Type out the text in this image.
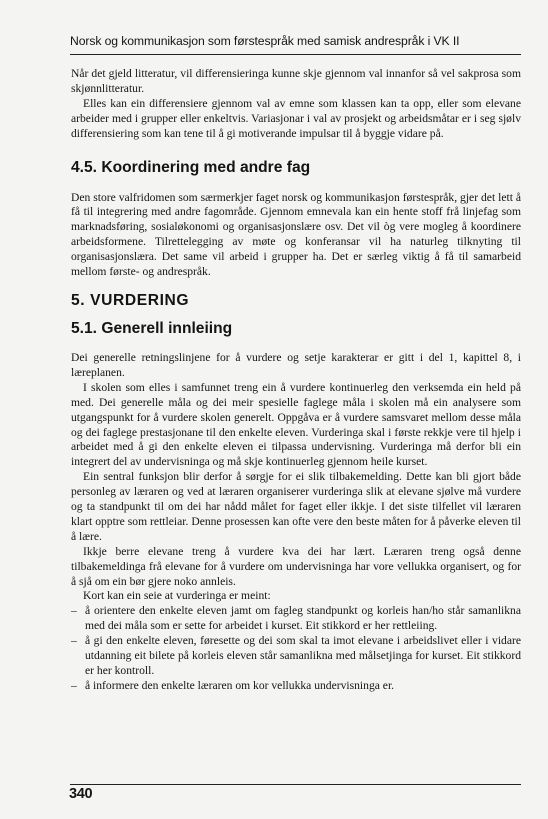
Norsk og kommunikasjon som førstespråk med samisk andrespråk i VK II

Når det gjeld litteratur, vil differensieringa kunne skje gjennom val innanfor så vel sakprosa som skjønnlitteratur.

Elles kan ein differensiere gjennom val av emne som klassen kan ta opp, eller som elevane arbeider med i grupper eller enkeltvis. Variasjonar i val av prosjekt og arbeidsmåtar er i seg sjølv differensiering som kan tene til å gi motiverande impulsar til å byggje vidare på.

4.5. Koordinering med andre fag

Den store valfridomen som særmerkjer faget norsk og kommunikasjon førstespråk, gjer det lett å få til integrering med andre fagområde. Gjennom emnevala kan ein hente stoff frå linjefag som marknadsføring, sosialøkonomi og organisasjonslære osv. Det vil òg vere mogleg å koordinere arbeidsformene. Tilrettelegging av møte og konferansar vil ha naturleg tilknyting til organisasjonslæra. Det same vil arbeid i grupper ha. Det er særleg viktig å få til samarbeid mellom første- og andrespråk.

5. VURDERING
5.1. Generell innleiing

Dei generelle retningslinjene for å vurdere og setje karakterar er gitt i del 1, kapittel 8, i læreplanen.

I skolen som elles i samfunnet treng ein å vurdere kontinuerleg den verksemda ein held på med. Dei generelle måla og dei meir spesielle faglege måla i skolen må ein analysere som utgangspunkt for å vurdere skolen generelt. Oppgåva er å vurdere samsvaret mellom desse måla og dei faglege prestasjonane til den enkelte eleven. Vurderinga skal i første rekkje vere til hjelp i arbeidet med å gi den enkelte eleven ei tilpassa undervisning. Vurderinga må derfor bli ein integrert del av undervisninga og må skje kontinuerleg gjennom heile kurset.

Ein sentral funksjon blir derfor å sørgje for ei slik tilbakemelding. Dette kan bli gjort både personleg av læraren og ved at læraren organiserer vurderinga slik at elevane sjølve må vurdere og ta standpunkt til om dei har nådd målet for faget eller ikkje. I det siste tilfellet vil læraren klart opptre som rettleiar. Denne prosessen kan ofte vere den beste måten for å påverke eleven til å lære.

Ikkje berre elevane treng å vurdere kva dei har lært. Læraren treng også denne tilbakemeldinga frå elevane for å vurdere om undervisninga har vore vellukka organisert, og for å sjå om ein bør gjere noko annleis.

Kort kan ein seie at vurderinga er meint:

– å orientere den enkelte eleven jamt om fagleg standpunkt og korleis han/ho står samanlikna med dei måla som er sette for arbeidet i kurset. Eit stikkord er her rettleiing.
– å gi den enkelte eleven, føresette og dei som skal ta imot elevane i arbeidslivet eller i vidare utdanning eit bilete på korleis eleven står samanlikna med målsetjinga for kurset. Eit stikkord er her kontroll.
– å informere den enkelte læraren om kor vellukka undervisninga er.
340
